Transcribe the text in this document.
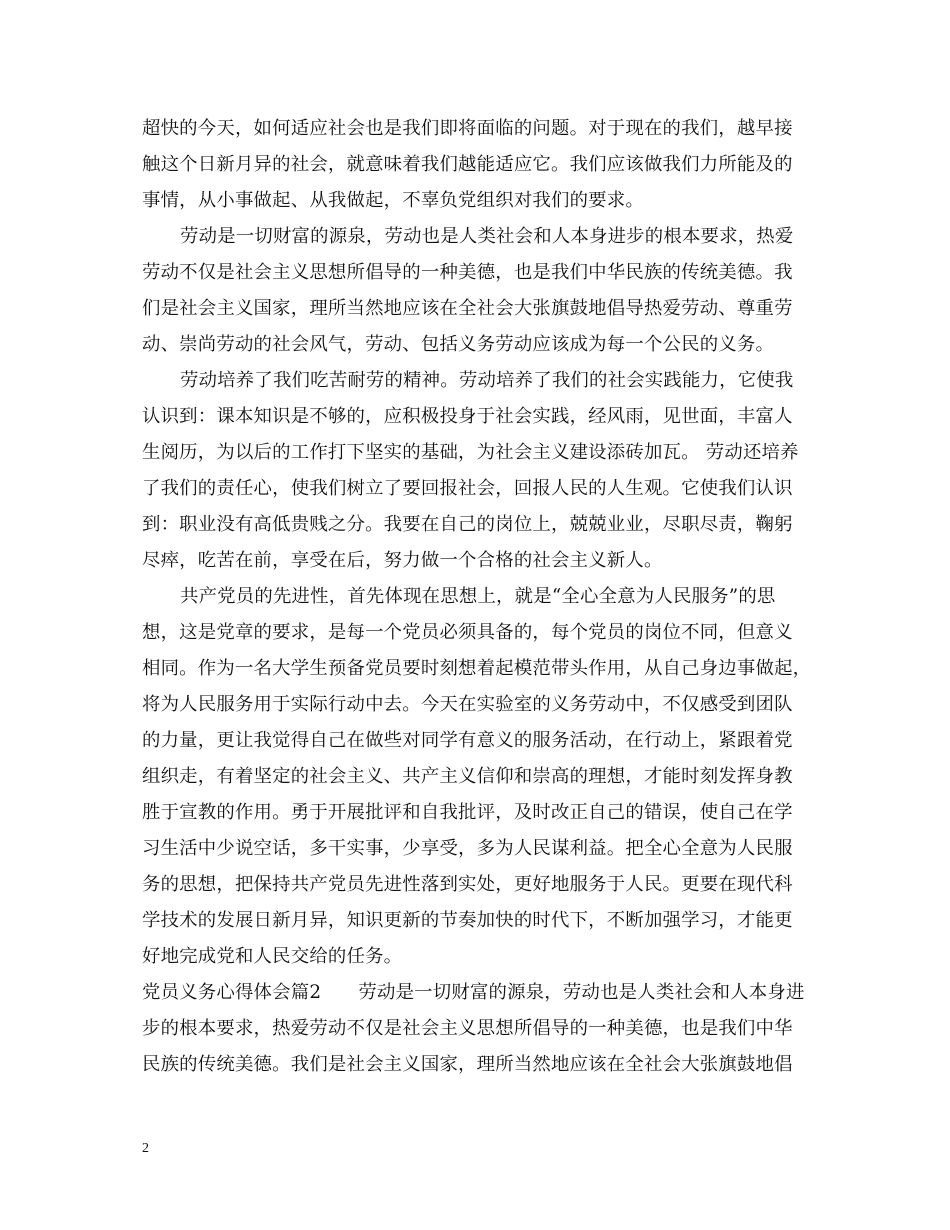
超快的今天，如何适应社会也是我们即将面临的问题。对于现在的我们，越早接
触这个日新月异的社会，就意味着我们越能适应它。我们应该做我们力所能及的
事情，从小事做起、从我做起，不辜负党组织对我们的要求。
劳动是一切财富的源泉，劳动也是人类社会和人本身进步的根本要求，热爱
劳动不仅是社会主义思想所倡导的一种美德，也是我们中华民族的传统美德。我
们是社会主义国家，理所当然地应该在全社会大张旗鼓地倡导热爱劳动、尊重劳
动、崇尚劳动的社会风气，劳动、包括义务劳动应该成为每一个公民的义务。
劳动培养了我们吃苦耐劳的精神。劳动培养了我们的社会实践能力，它使我
认识到：课本知识是不够的，应积极投身于社会实践，经风雨，见世面，丰富人
生阅历，为以后的工作打下坚实的基础，为社会主义建设添砖加瓦。 劳动还培养
了我们的责任心，使我们树立了要回报社会，回报人民的人生观。它使我们认识
到：职业没有高低贵贱之分。我要在自己的岗位上，兢兢业业，尽职尽责，鞠躬
尽瘁，吃苦在前，享受在后，努力做一个合格的社会主义新人。
共产党员的先进性，首先体现在思想上，就是“全心全意为人民服务”的思
想，这是党章的要求，是每一个党员必须具备的，每个党员的岗位不同，但意义
相同。作为一名大学生预备党员要时刻想着起模范带头作用，从自己身边事做起，
将为人民服务用于实际行动中去。今天在实验室的义务劳动中，不仅感受到团队
的力量，更让我觉得自己在做些对同学有意义的服务活动，在行动上，紧跟着党
组织走，有着坚定的社会主义、共产主义信仰和崇高的理想，才能时刻发挥身教
胜于宣教的作用。勇于开展批评和自我批评，及时改正自己的错误，使自己在学
习生活中少说空话，多干实事，少享受，多为人民谋利益。把全心全意为人民服
务的思想，把保持共产党员先进性落到实处，更好地服务于人民。更要在现代科
学技术的发展日新月异，知识更新的节奏加快的时代下，不断加强学习，才能更
好地完成党和人民交给的任务。
党员义务心得体会篇2　　劳动是一切财富的源泉，劳动也是人类社会和人本身进
步的根本要求，热爱劳动不仅是社会主义思想所倡导的一种美德，也是我们中华
民族的传统美德。我们是社会主义国家，理所当然地应该在全社会大张旗鼓地倡
2
